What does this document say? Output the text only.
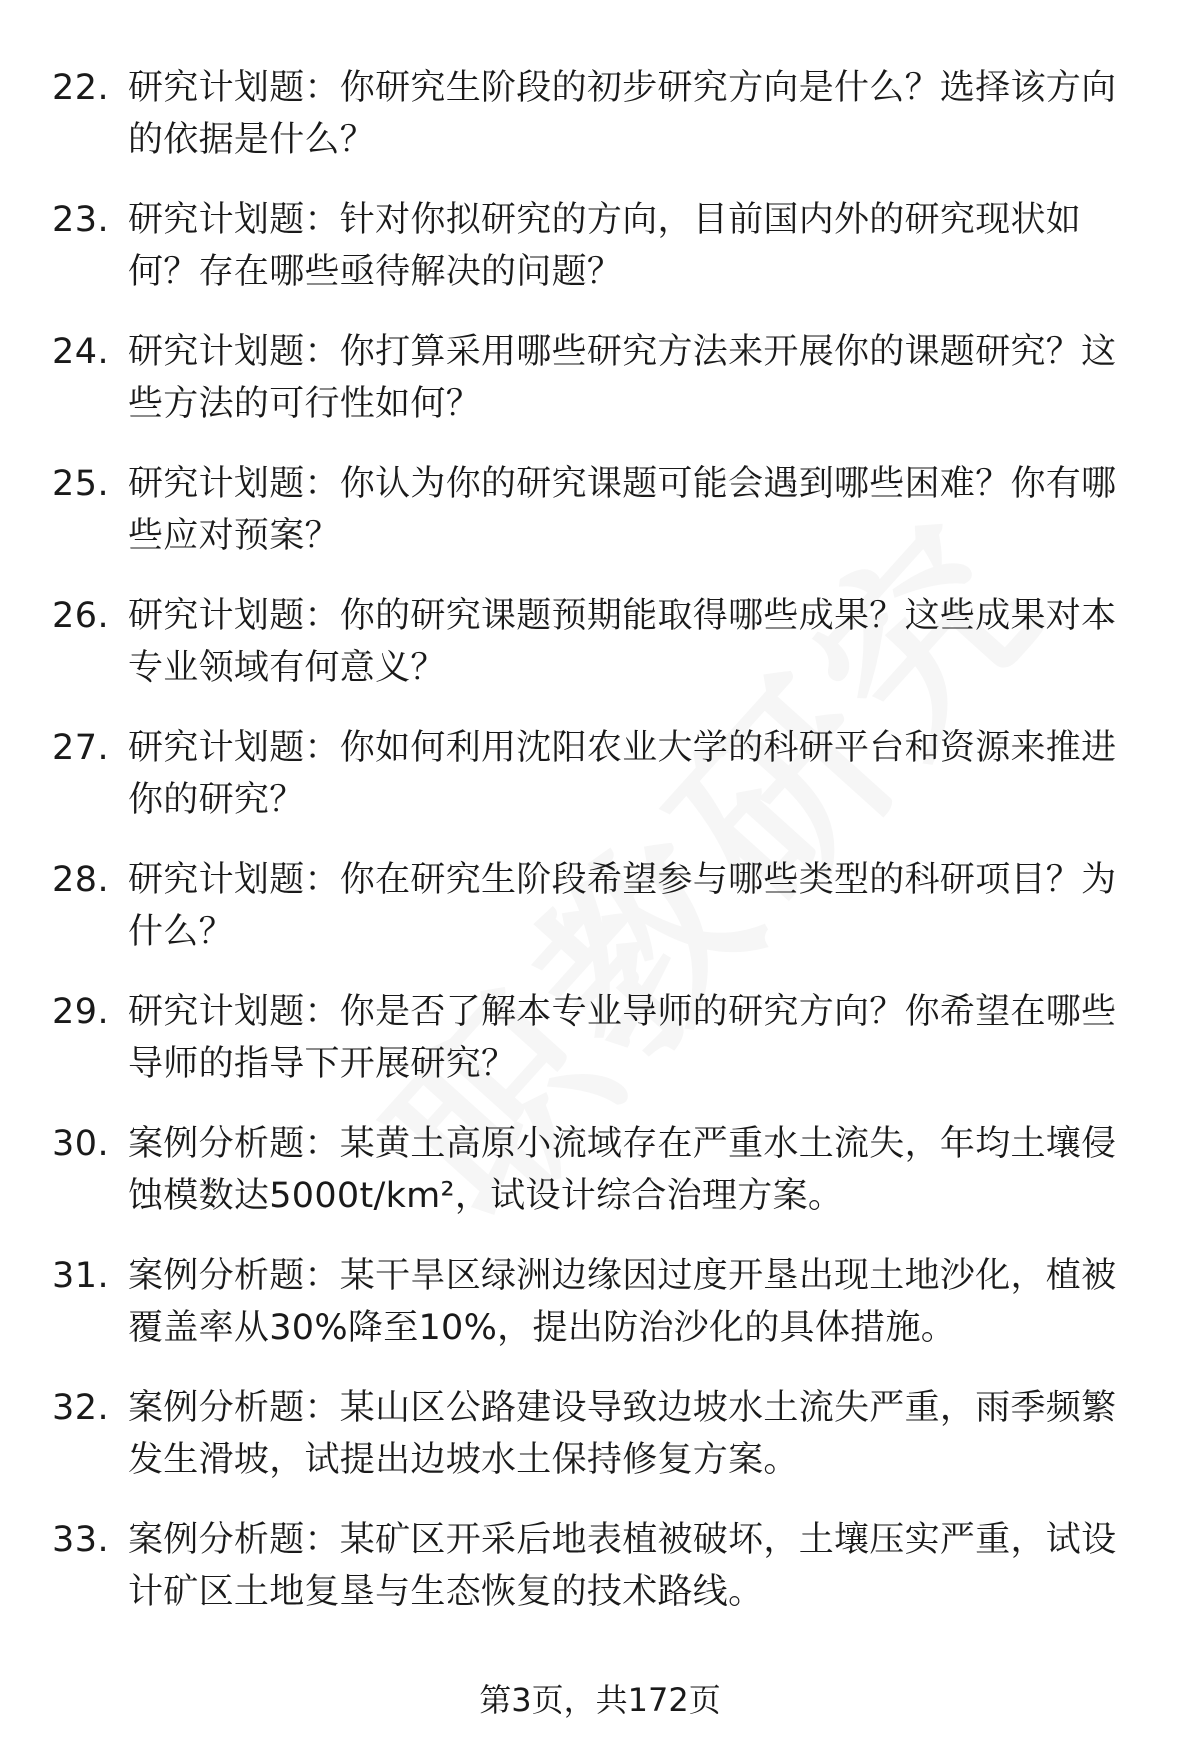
22. 研究计划题：你研究生阶段的初步研究方向是什么？选择该方向的依据是什么？
23. 研究计划题：针对你拟研究的方向，目前国内外的研究现状如何？存在哪些亟待解决的问题？
24. 研究计划题：你打算采用哪些研究方法来开展你的课题研究？这些方法的可行性如何？
25. 研究计划题：你认为你的研究课题可能会遇到哪些困难？你有哪些应对预案？
26. 研究计划题：你的研究课题预期能取得哪些成果？这些成果对本专业领域有何意义？
27. 研究计划题：你如何利用沈阳农业大学的科研平台和资源来推进你的研究？
28. 研究计划题：你在研究生阶段希望参与哪些类型的科研项目？为什么？
29. 研究计划题：你是否了解本专业导师的研究方向？你希望在哪些导师的指导下开展研究？
30. 案例分析题：某黄土高原小流域存在严重水土流失，年均土壤侵蚀模数达5000t/km²，试设计综合治理方案。
31. 案例分析题：某干旱区绿洲边缘因过度开垦出现土地沙化，植被覆盖率从30%降至10%，提出防治沙化的具体措施。
32. 案例分析题：某山区公路建设导致边坡水土流失严重，雨季频繁发生滑坡，试提出边坡水土保持修复方案。
33. 案例分析题：某矿区开采后地表植被破坏，土壤压实严重，试设计矿区土地复垦与生态恢复的技术路线。
第3页，共172页
